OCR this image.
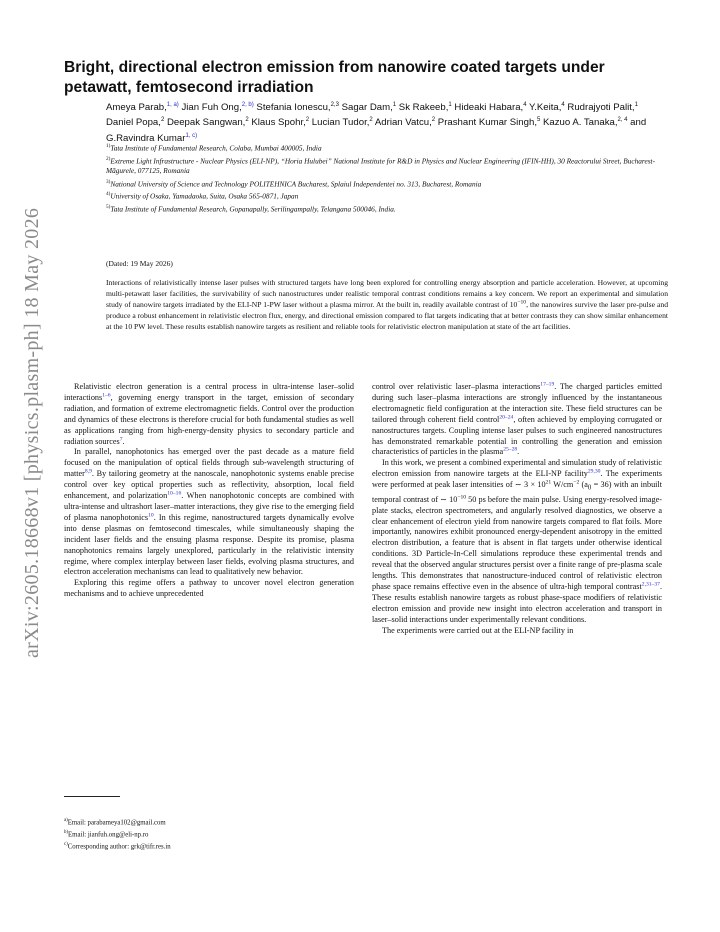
arXiv:2605.18668v1 [physics.plasm-ph] 18 May 2026
Bright, directional electron emission from nanowire coated targets under petawatt, femtosecond irradiation
Ameya Parab,$^{1, a)}$ Jian Fuh Ong,$^{2, b)}$ Stefania Ionescu,$^{2,3}$ Sagar Dam,$^1$ Sk Rakeeb,$^1$ Hideaki Habara,$^4$ Y.Keita,$^4$ Rudrajyoti Palit,$^1$ Daniel Popa,$^2$ Deepak Sangwan,$^2$ Klaus Spohr,$^2$ Lucian Tudor,$^2$ Adrian Vatcu,$^2$ Prashant Kumar Singh,$^5$ Kazuo A. Tanaka,$^{2, 4}$ and G.Ravindra Kumar$^{1, c)}$

$^{1)}$Tata Institute of Fundamental Research, Colaba, Mumbai 400005, India

$^{2)}$Extreme Light Infrastructure - Nuclear Physics (ELI-NP), “Horia Hulubei” National Institute for R&D in Physics and Nuclear Engineering (IFIN-HH), 30 Reactorului Street, Bucharest-Măgurele, 077125, Romania

$^{3)}$National University of Science and Technology POLITEHNICA Bucharest, Splaiul Independentei no. 313, Bucharest, Romania

$^{4)}$University of Osaka, Yamadaoka, Suita, Osaka 565-0871, Japan

$^{5)}$Tata Institute of Fundamental Research, Gopanapally, Serilingampally, Telangana 500046, India.

(Dated: 19 May 2026)
Interactions of relativistically intense laser pulses with structured targets have long been explored for controlling energy absorption and particle acceleration. However, at upcoming multi-petawatt laser facilities, the survivability of such nanostructures under realistic temporal contrast conditions remains a key concern. We report an experimental and simulation study of nanowire targets irradiated by the ELI-NP 1-PW laser without a plasma mirror. At the built in, readily available contrast of $10^{-10}$, the nanowires survive the laser pre-pulse and produce a robust enhancement in relativistic electron flux, energy, and directional emission compared to flat targets indicating that at better contrasts they can show similar enhancement at the 10 PW level. These results establish nanowire targets as resilient and reliable tools for relativistic electron manipulation at state of the art facilities.

Relativistic electron generation is a central process in ultra-intense laser–solid interactions$^{1-6}$, governing energy transport in the target, emission of secondary radiation, and formation of extreme electromagnetic fields. Control over the production and dynamics of these electrons is therefore crucial for both fundamental studies as well as applications ranging from high-energy-density physics to secondary particle and radiation sources$^7$.

In parallel, nanophotonics has emerged over the past decade as a mature field focused on the manipulation of optical fields through sub-wavelength structuring of matter$^{8,9}$. By tailoring geometry at the nanoscale, nanophotonic systems enable precise control over key optical properties such as reflectivity, absorption, local field enhancement, and polarization$^{10-16}$. When nanophotonic concepts are combined with ultra-intense and ultrashort laser–matter interactions, they give rise to the emerging field of plasma nanophotonics$^{10}$. In this regime, nanostructured targets dynamically evolve into dense plasmas on femtosecond timescales, while simultaneously shaping the incident laser fields and the ensuing plasma response. Despite its promise, plasma nanophotonics remains largely unexplored, particularly in the relativistic intensity regime, where complex interplay between laser fields, evolving plasma structures, and electron acceleration mechanisms can lead to qualitatively new behavior.

Exploring this regime offers a pathway to uncover novel electron generation mechanisms and to achieve unprecedented

$^{a)}$Email: parabameya102@gmail.com
$^{b)}$Email: jianfuh.ong@eli-np.ro
$^{c)}$Corresponding author: grk@tifr.res.in

control over relativistic laser–plasma interactions$^{17-19}$. The charged particles emitted during such laser–plasma interactions are strongly influenced by the instantaneous electromagnetic field configuration at the interaction site. These field structures can be tailored through coherent field control$^{20-24}$, often achieved by employing corrugated or nanostructures targets. Coupling intense laser pulses to such engineered nanostructures has demonstrated remarkable potential in controlling the generation and emission characteristics of particles in the plasma$^{25-28}$.

In this work, we present a combined experimental and simulation study of relativistic electron emission from nanowire targets at the ELI-NP facility$^{29,30}$. The experiments were performed at peak laser intensities of ∼ $3 \times 10^{21}$ $W/cm^{-2}$ $(a_0 = 36)$ with an inbuilt temporal contrast of ∼ $10^{-10}$ 50 ps before the main pulse. Using energy-resolved image-plate stacks, electron spectrometers, and angularly resolved diagnostics, we observe a clear enhancement of electron yield from nanowire targets compared to flat foils. More importantly, nanowires exhibit pronounced energy-dependent anisotropy in the emitted electron distribution, a feature that is absent in flat targets under otherwise identical conditions. 3D Particle-In-Cell simulations reproduce these experimental trends and reveal that the observed angular structures persist over a finite range of pre-plasma scale lengths. This demonstrates that nanostructure-induced control of relativistic electron phase space remains effective even in the absence of ultra-high temporal contrast$^{2,31-37}$. These results establish nanowire targets as robust phase-space modifiers of relativistic electron emission and provide new insight into electron acceleration and transport in laser–solid interactions under experimentally relevant conditions.

The experiments were carried out at the ELI-NP facility in
